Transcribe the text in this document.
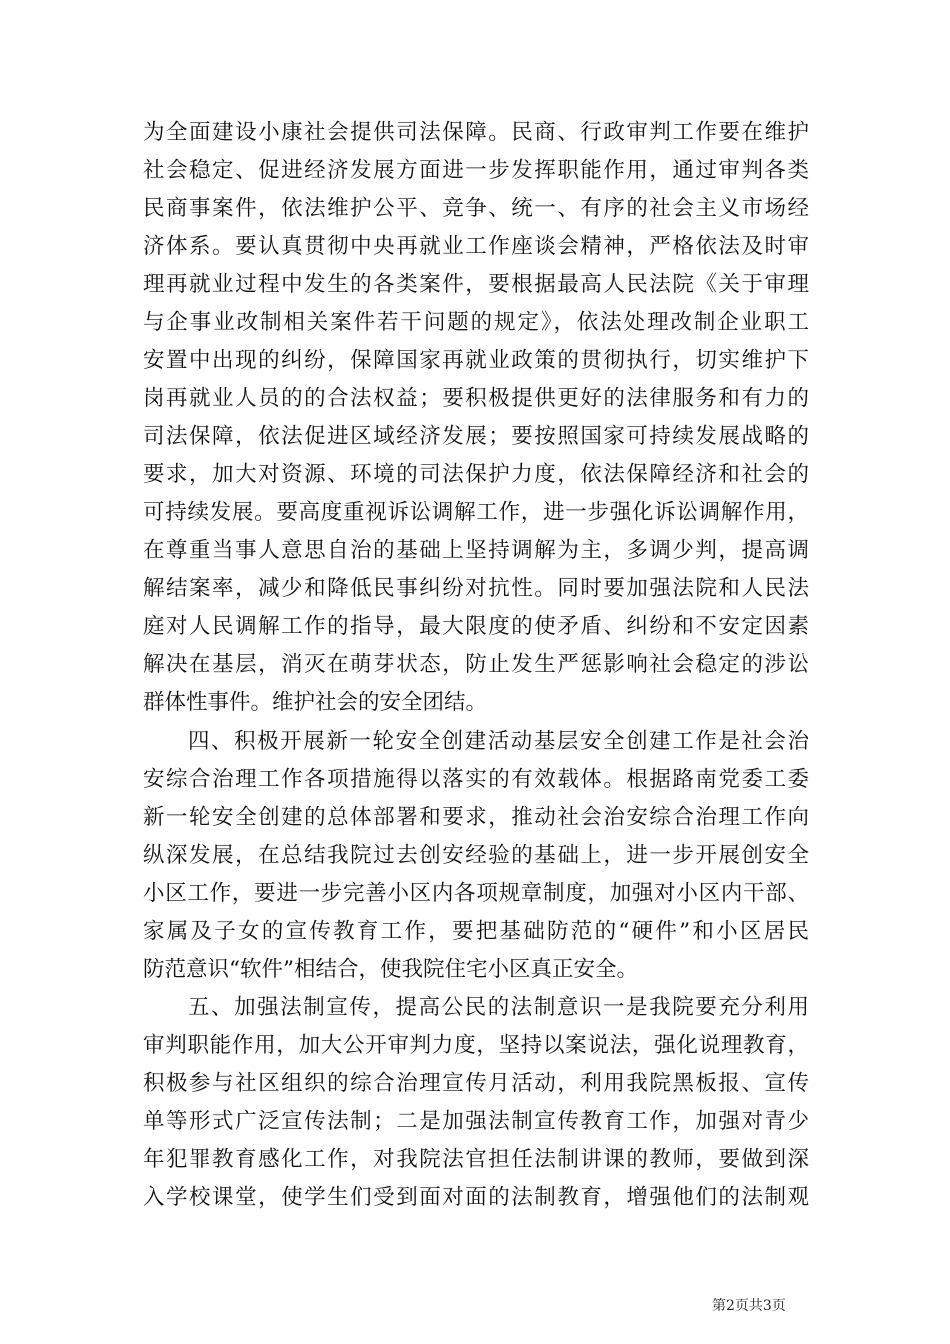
为全面建设小康社会提供司法保障。民商、行政审判工作要在维护
社会稳定、促进经济发展方面进一步发挥职能作用，通过审判各类
民商事案件，依法维护公平、竞争、统一、有序的社会主义市场经
济体系。要认真贯彻中央再就业工作座谈会精神，严格依法及时审
理再就业过程中发生的各类案件，要根据最高人民法院《关于审理
与企事业改制相关案件若干问题的规定》，依法处理改制企业职工
安置中出现的纠纷，保障国家再就业政策的贯彻执行，切实维护下
岗再就业人员的的合法权益；要积极提供更好的法律服务和有力的
司法保障，依法促进区域经济发展；要按照国家可持续发展战略的
要求，加大对资源、环境的司法保护力度，依法保障经济和社会的
可持续发展。要高度重视诉讼调解工作，进一步强化诉讼调解作用，
在尊重当事人意思自治的基础上坚持调解为主，多调少判，提高调
解结案率，减少和降低民事纠纷对抗性。同时要加强法院和人民法
庭对人民调解工作的指导，最大限度的使矛盾、纠纷和不安定因素
解决在基层，消灭在萌芽状态，防止发生严惩影响社会稳定的涉讼
群体性事件。维护社会的安全团结。
四、积极开展新一轮安全创建活动基层安全创建工作是社会治
安综合治理工作各项措施得以落实的有效载体。根据路南党委工委
新一轮安全创建的总体部署和要求，推动社会治安综合治理工作向
纵深发展，在总结我院过去创安经验的基础上，进一步开展创安全
小区工作，要进一步完善小区内各项规章制度，加强对小区内干部、
家属及子女的宣传教育工作，要把基础防范的“硬件”和小区居民
防范意识“软件”相结合，使我院住宅小区真正安全。
五、加强法制宣传，提高公民的法制意识一是我院要充分利用
审判职能作用，加大公开审判力度，坚持以案说法，强化说理教育，
积极参与社区组织的综合治理宣传月活动，利用我院黑板报、宣传
单等形式广泛宣传法制；二是加强法制宣传教育工作，加强对青少
年犯罪教育感化工作，对我院法官担任法制讲课的教师，要做到深
入学校课堂，使学生们受到面对面的法制教育，增强他们的法制观
第2页共3页
